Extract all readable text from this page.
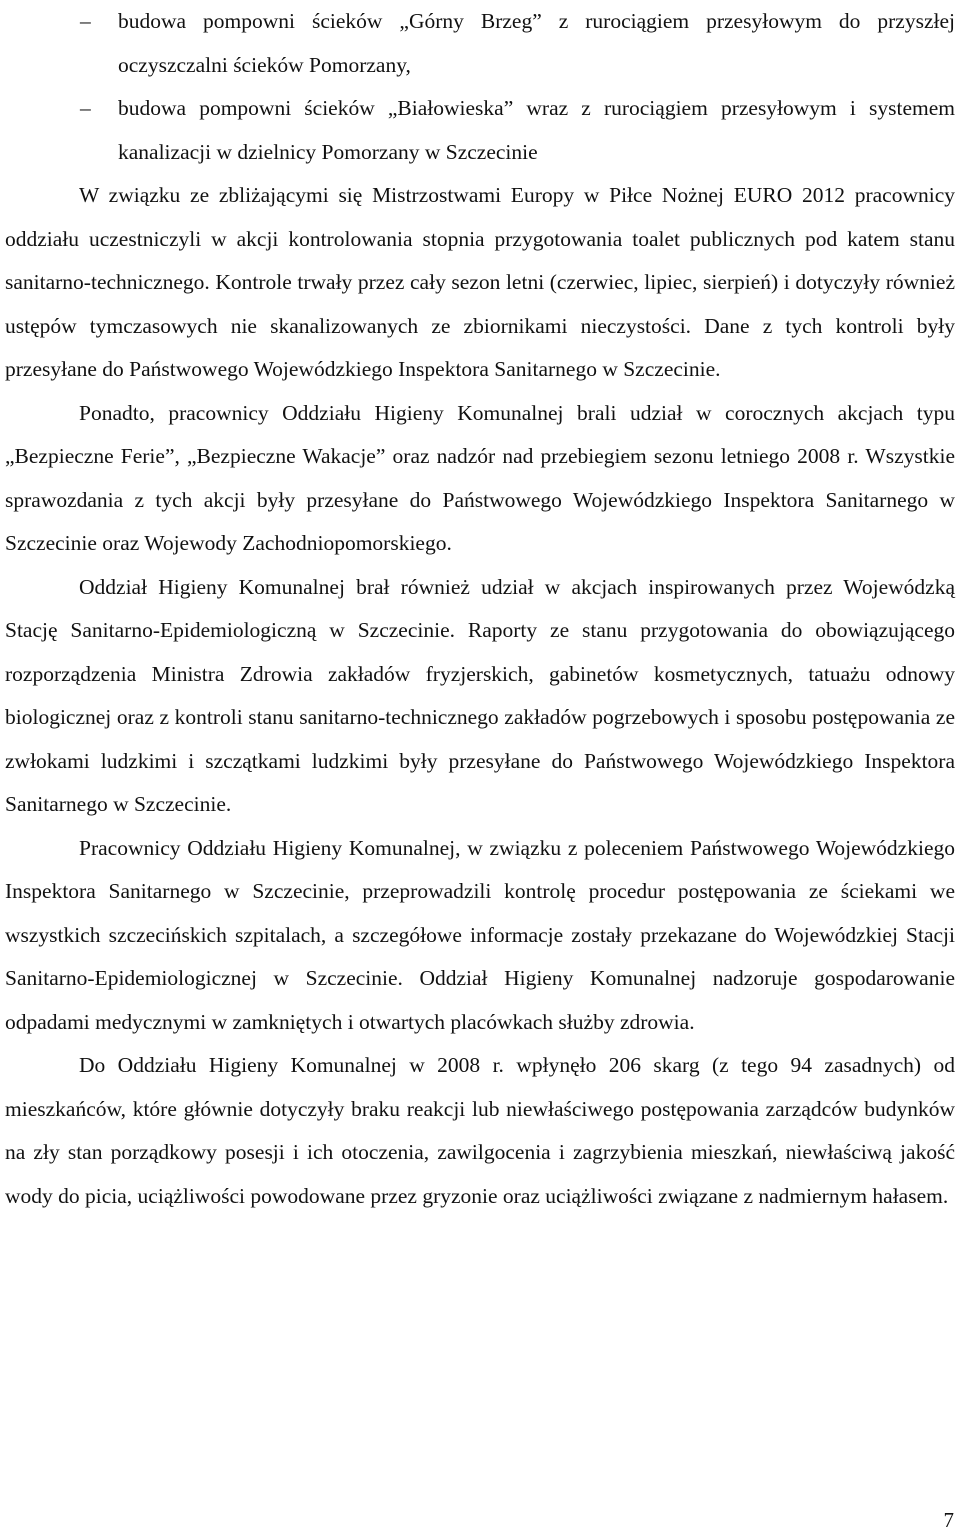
– budowa pompowni ścieków „Górny Brzeg” z rurociągiem przesyłowym do przyszłej oczyszczalni ścieków Pomorzany,
– budowa pompowni ścieków „Białowieska” wraz z rurociągiem przesyłowym i systemem kanalizacji w dzielnicy Pomorzany w Szczecinie

W związku ze zbliżającymi się Mistrzostwami Europy w Piłce Nożnej EURO 2012 pracownicy oddziału uczestniczyli w akcji kontrolowania stopnia przygotowania toalet publicznych pod katem stanu sanitarno-technicznego. Kontrole trwały przez cały sezon letni (czerwiec, lipiec, sierpień) i dotyczyły również ustępów tymczasowych nie skanalizowanych ze zbiornikami nieczystości. Dane z tych kontroli były przesyłane do Państwowego Wojewódzkiego Inspektora Sanitarnego w Szczecinie.

Ponadto, pracownicy Oddziału Higieny Komunalnej brali udział w corocznych akcjach typu „Bezpieczne Ferie”, „Bezpieczne Wakacje” oraz nadzór nad przebiegiem sezonu letniego 2008 r. Wszystkie sprawozdania z tych akcji były przesyłane do Państwowego Wojewódzkiego Inspektora Sanitarnego w Szczecinie oraz Wojewody Zachodniopomorskiego.

Oddział Higieny Komunalnej brał również udział w akcjach inspirowanych przez Wojewódzką Stację Sanitarno-Epidemiologiczną w Szczecinie. Raporty ze stanu przygotowania do obowiązującego rozporządzenia Ministra Zdrowia zakładów fryzjerskich, gabinetów kosmetycznych, tatuażu odnowy biologicznej oraz z kontroli stanu sanitarno-technicznego zakładów pogrzebowych i sposobu postępowania ze zwłokami ludzkimi i szczątkami ludzkimi były przesyłane do Państwowego Wojewódzkiego Inspektora Sanitarnego w Szczecinie.

Pracownicy Oddziału Higieny Komunalnej, w związku z poleceniem Państwowego Wojewódzkiego Inspektora Sanitarnego w Szczecinie, przeprowadzili kontrolę procedur postępowania ze ściekami we wszystkich szczecińskich szpitalach, a szczegółowe informacje zostały przekazane do Wojewódzkiej Stacji Sanitarno-Epidemiologicznej w Szczecinie. Oddział Higieny Komunalnej nadzoruje gospodarowanie odpadami medycznymi w zamkniętych i otwartych placówkach służby zdrowia.

Do Oddziału Higieny Komunalnej w 2008 r. wpłynęło 206 skarg (z tego 94 zasadnych) od mieszkańców, które głównie dotyczyły braku reakcji lub niewłaściwego postępowania zarządców budynków na zły stan porządkowy posesji i ich otoczenia, zawilgocenia i zagrzybienia mieszkań, niewłaściwą jakość wody do picia, uciążliwości powodowane przez gryzonie oraz uciążliwości związane z nadmiernym hałasem.

7
